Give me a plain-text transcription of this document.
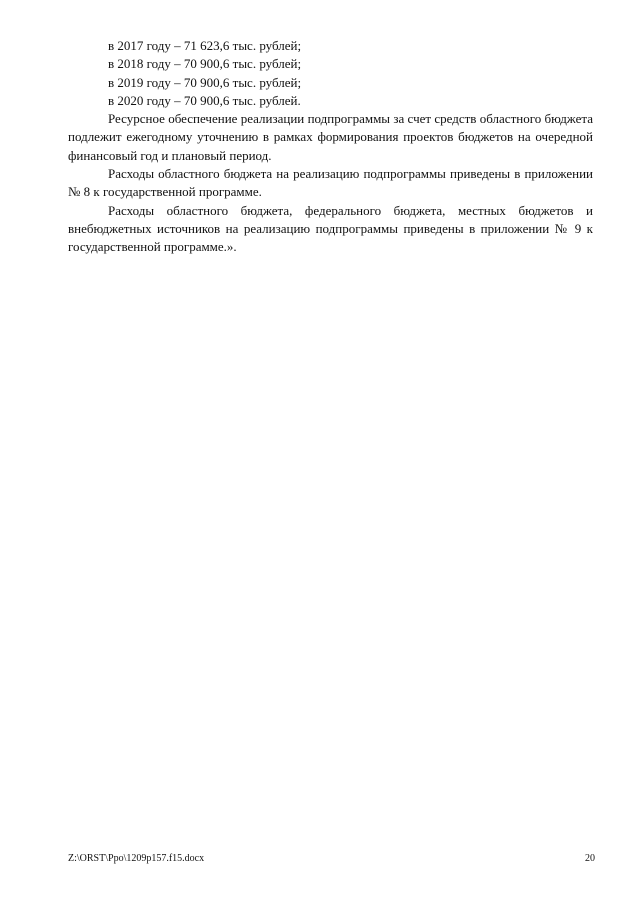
в 2017 году – 71 623,6 тыс. рублей;

в 2018 году – 70 900,6 тыс. рублей;

в 2019 году – 70 900,6 тыс. рублей;

в 2020 году – 70 900,6 тыс. рублей.

Ресурсное обеспечение реализации подпрограммы за счет средств областного бюджета подлежит ежегодному уточнению в рамках формирования проектов бюджетов на очередной финансовый год и плановый период.

Расходы областного бюджета на реализацию подпрограммы приведены в приложении № 8 к государственной программе.

Расходы областного бюджета, федерального бюджета, местных бюджетов и внебюджетных источников на реализацию подпрограммы приведены в приложении № 9 к государственной программе.».

Z:\ORST\Ppo\1209p157.f15.docx	20
